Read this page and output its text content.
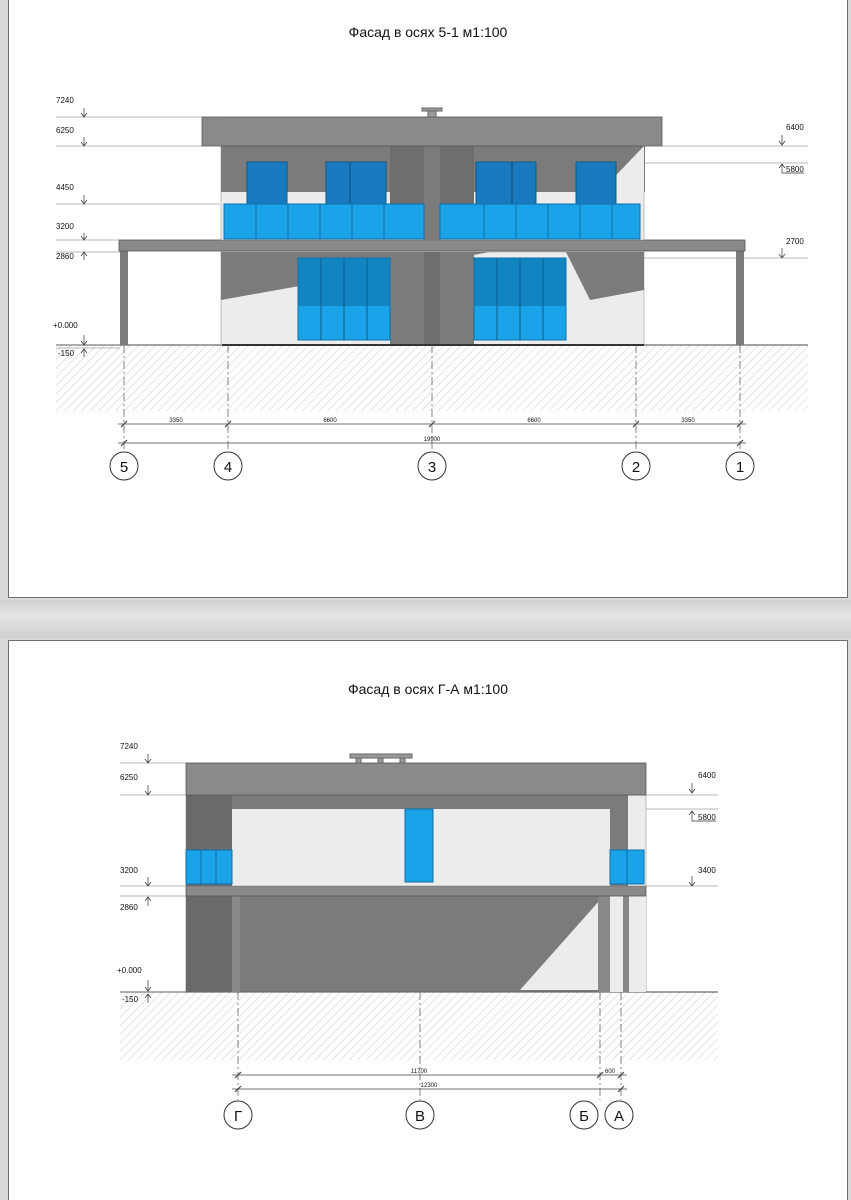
Фасад в осях 5-1 м1:100
Фасад в осях Г-А м1:100
7240
6250
4450
3200
2860
+0.000
-150
6400
5800
2700
3350	6600	6600	3350
19900
5	4	3	2	1
7240
6250
3200
2860
+0.000
-150
6400
5800
3400
11700	600
12300
Г	В	Б А
